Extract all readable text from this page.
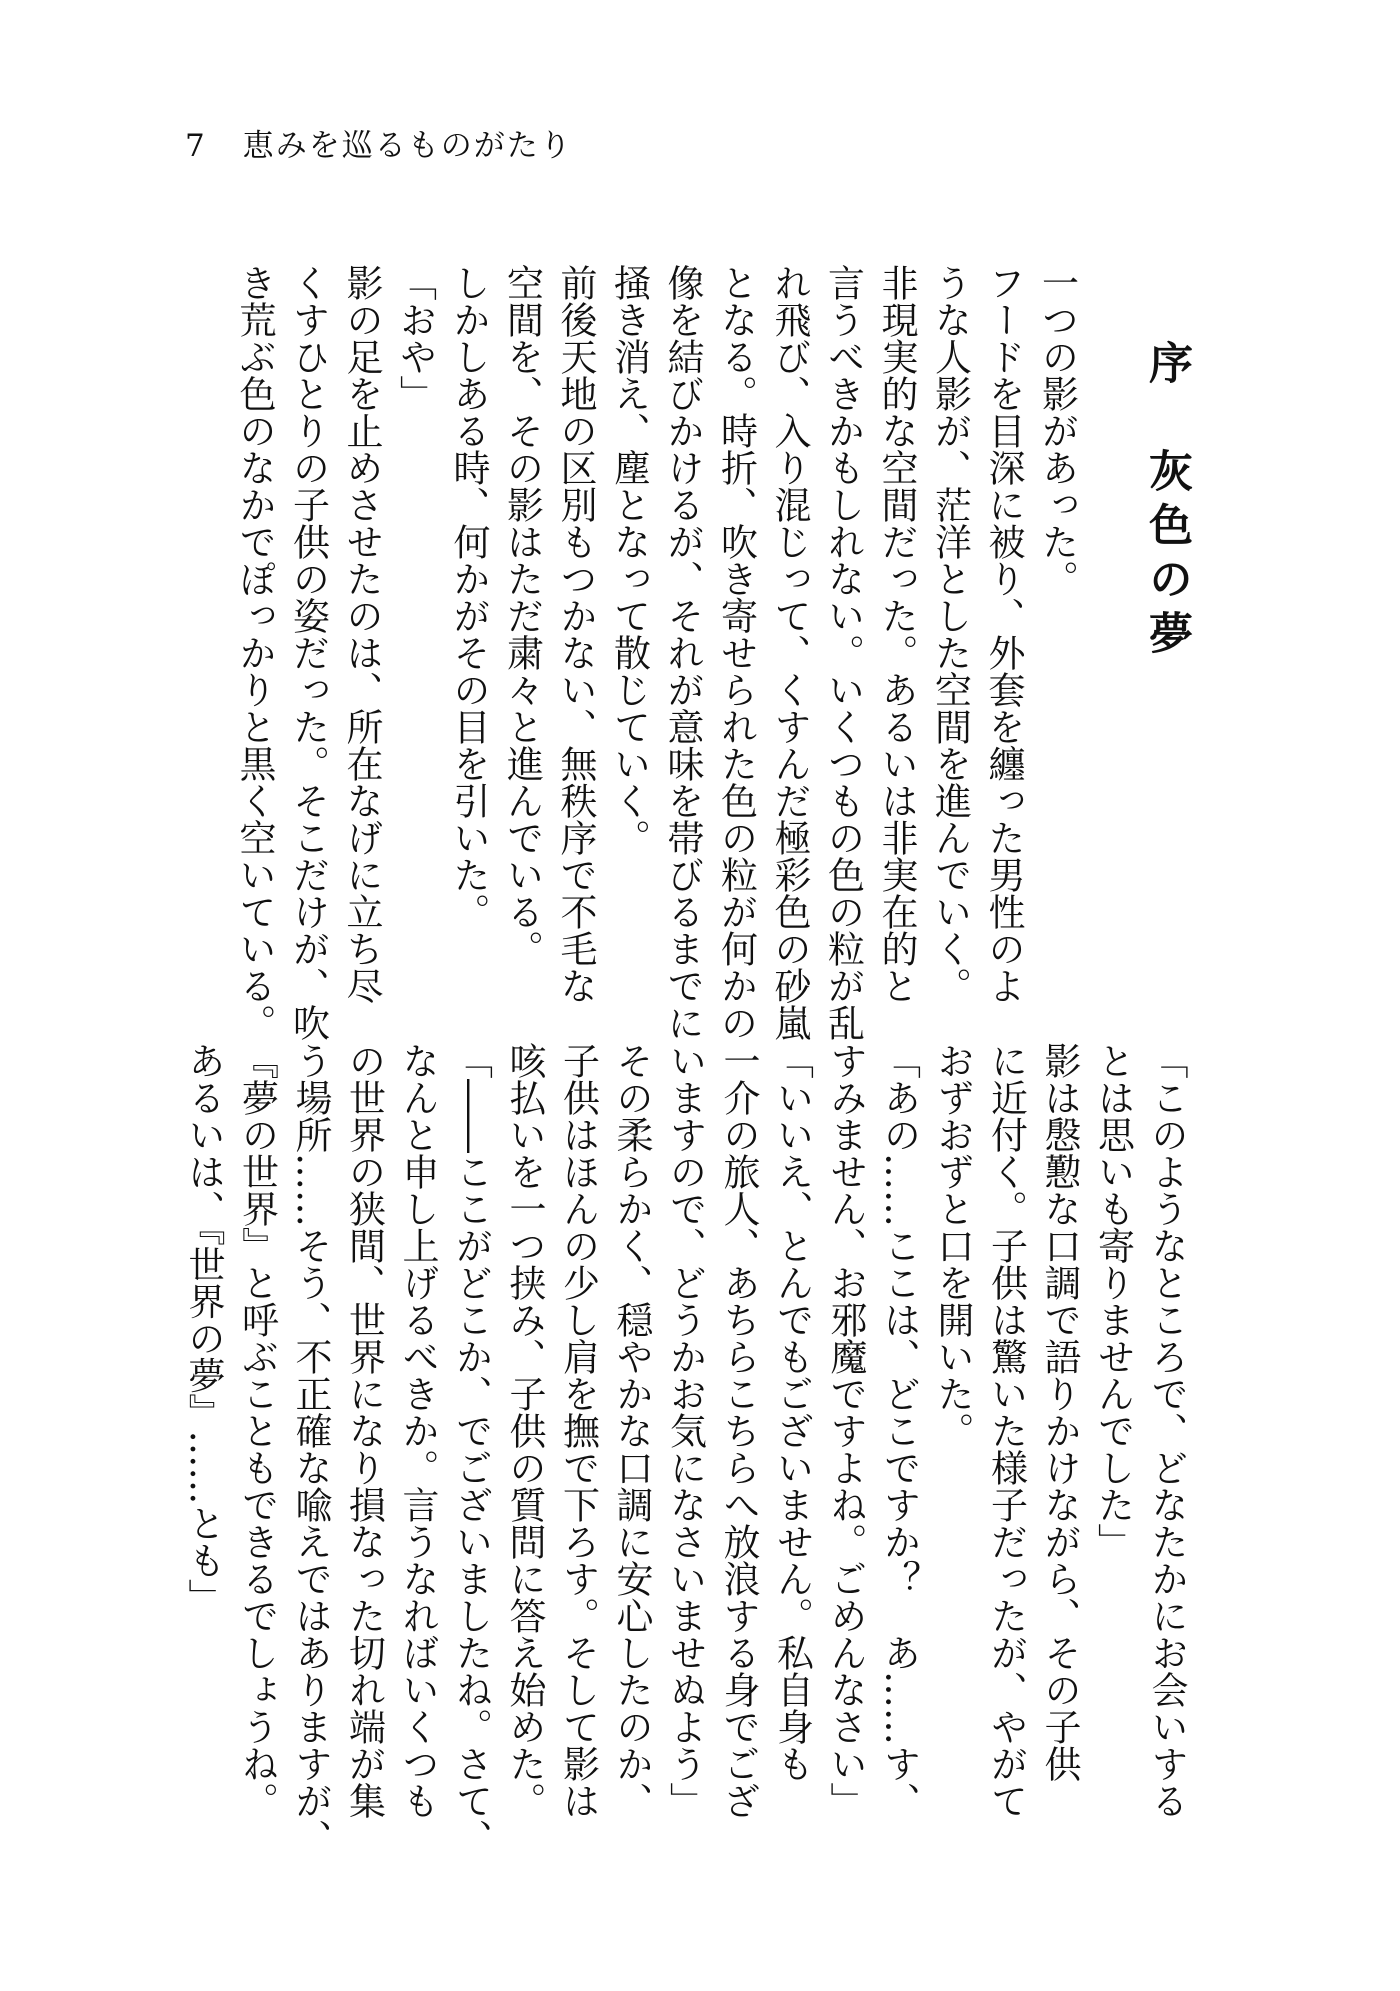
7 恵みを巡るものがたり
序　灰色の夢
一つの影があった。
フードを目深に被り、外套を纏った男性のよ
うな人影が、茫洋とした空間を進んでいく。
非現実的な空間だった。あるいは非実在的と
言うべきかもしれない。いくつもの色の粒が乱
れ飛び、入り混じって、くすんだ極彩色の砂嵐
となる。時折、吹き寄せられた色の粒が何かの
像を結びかけるが、それが意味を帯びるまでに
掻き消え、塵となって散じていく。
前後天地の区別もつかない、無秩序で不毛な
空間を、その影はただ粛々と進んでいる。
しかしある時、何かがその目を引いた。
「おや」
影の足を止めさせたのは、所在なげに立ち尽
くすひとりの子供の姿だった。そこだけが、吹
き荒ぶ色のなかでぽっかりと黒く空いている。
「このようなところで、どなたかにお会いする
とは思いも寄りませんでした」
影は慇懃な口調で語りかけながら、その子供
に近付く。子供は驚いた様子だったが、やがて
おずおずと口を開いた。
「あの……ここは、どこですか？　あ……す、
すみません、お邪魔ですよね。ごめんなさい」
「いいえ、とんでもございません。私自身も
一介の旅人、あちらこちらへ放浪する身でござ
いますので、どうかお気になさいませぬよう」
その柔らかく、穏やかな口調に安心したのか、
子供はほんの少し肩を撫で下ろす。そして影は
咳払いを一つ挟み、子供の質問に答え始めた。
「――ここがどこか、でございましたね。さて、
なんと申し上げるべきか。言うなればいくつも
の世界の狭間、世界になり損なった切れ端が集
う場所……そう、不正確な喩えではありますが、
『夢の世界』と呼ぶこともできるでしょうね。
あるいは、『世界の夢』……とも」
